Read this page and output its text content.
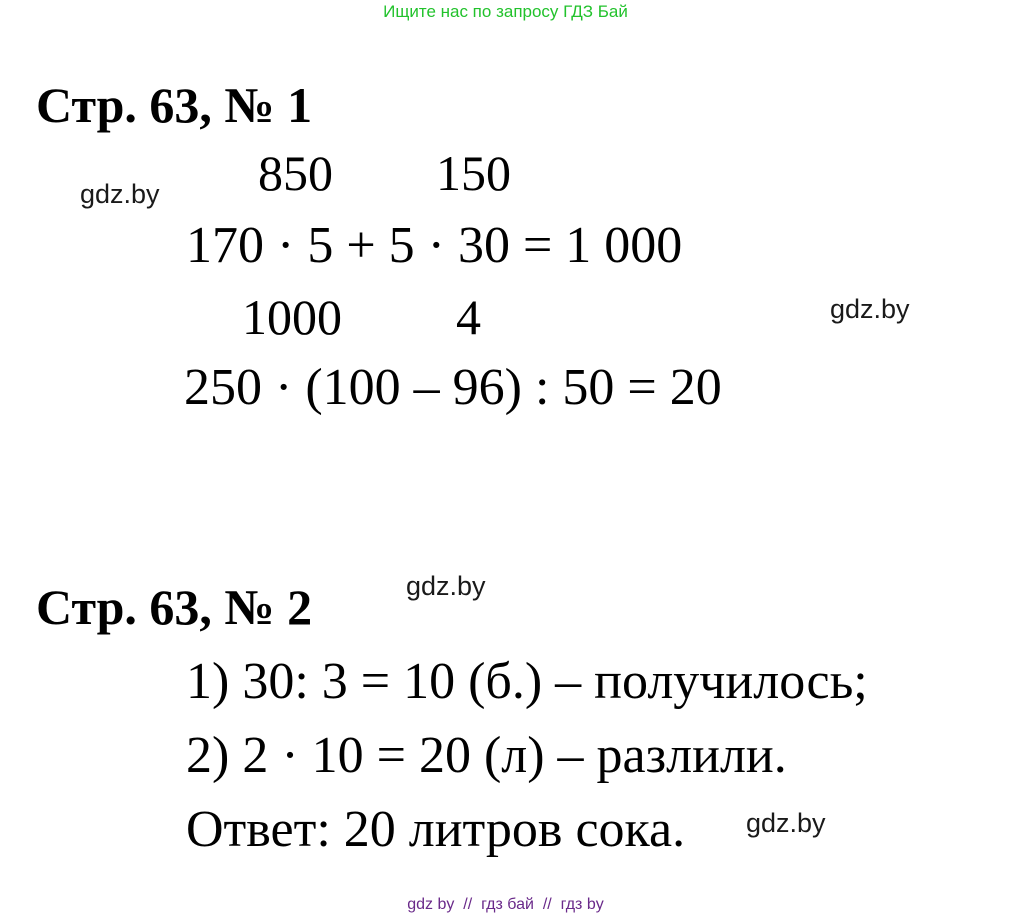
Ищите нас по запросу ГДЗ Бай
Стр. 63, № 1
850 150
170 · 5 + 5 · 30 = 1 000
1000 4
250 · (100 – 96) : 50 = 20
Стр. 63, № 2
1) 30: 3 = 10 (б.) – получилось;
2) 2 · 10 = 20 (л) – разлили.
Ответ: 20 литров сока.
gdz.by
gdz.by
gdz.by
gdz.by
gdz by  //  гдз бай  //  гдз by
